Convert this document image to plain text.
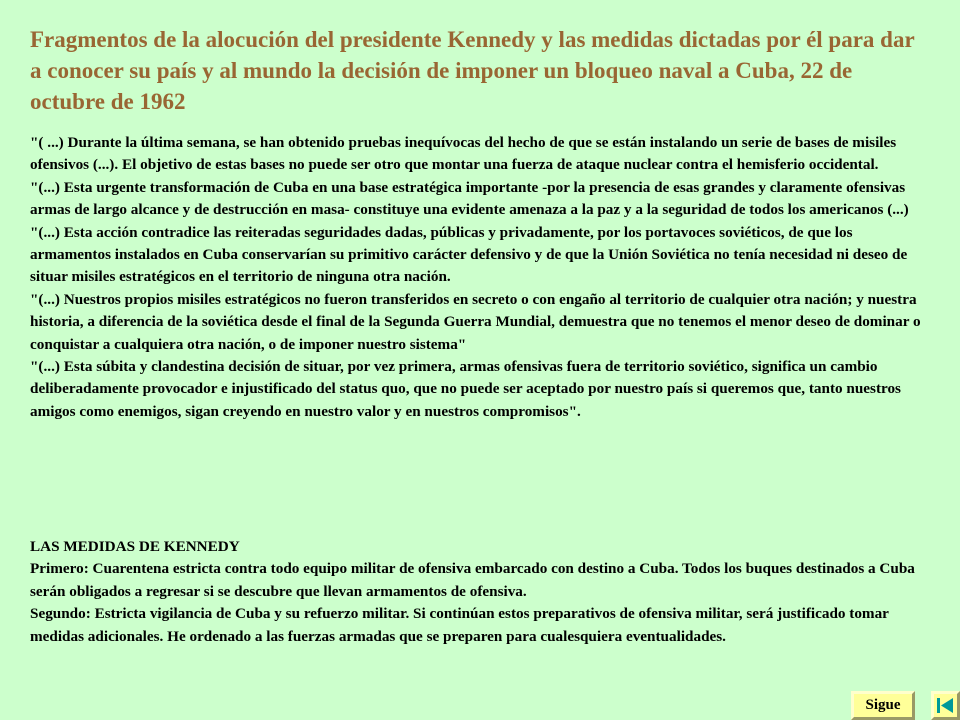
Fragmentos de la alocución del presidente Kennedy y las medidas dictadas por él para dar a conocer su país y al mundo la decisión de imponer un bloqueo naval a Cuba, 22 de octubre de 1962

"( ...) Durante la última semana, se han obtenido pruebas inequívocas del hecho de que se están instalando un serie de bases de misiles ofensivos (...). El objetivo de estas bases no puede ser otro que montar una fuerza de ataque nuclear contra el hemisferio occidental.

"(...) Esta urgente transformación de Cuba en una base estratégica importante -por la presencia de esas grandes y claramente ofensivas armas de largo alcance y de destrucción en masa- constituye una evidente amenaza a la paz y a la seguridad de todos los americanos (...)

"(...) Esta acción contradice las reiteradas seguridades dadas, públicas y privadamente, por los portavoces soviéticos, de que los armamentos instalados en Cuba conservarían su primitivo carácter defensivo y de que la Unión Soviética no tenía necesidad ni deseo de situar misiles estratégicos en el territorio de ninguna otra nación.

"(...) Nuestros propios misiles estratégicos no fueron transferidos en secreto o con engaño al territorio de cualquier otra nación; y nuestra historia, a diferencia de la soviética desde el final de la Segunda Guerra Mundial, demuestra que no tenemos el menor deseo de dominar o conquistar a cualquiera otra nación, o de imponer nuestro sistema"

"(...) Esta súbita y clandestina decisión de situar, por vez primera, armas ofensivas fuera de territorio soviético, significa un cambio deliberadamente provocador e injustificado del status quo, que no puede ser aceptado por nuestro país si queremos que, tanto nuestros amigos como enemigos, sigan creyendo en nuestro valor y en nuestros compromisos".

LAS MEDIDAS DE KENNEDY

Primero: Cuarentena estricta contra todo equipo militar de ofensiva embarcado con destino a Cuba. Todos los buques destinados a Cuba serán obligados a regresar si se descubre que llevan armamentos de ofensiva.

Segundo: Estricta vigilancia de Cuba y su refuerzo militar. Si continúan estos preparativos de ofensiva militar, será justificado tomar medidas adicionales. He ordenado a las fuerzas armadas que se preparen para cualesquiera eventualidades.

Sigue
